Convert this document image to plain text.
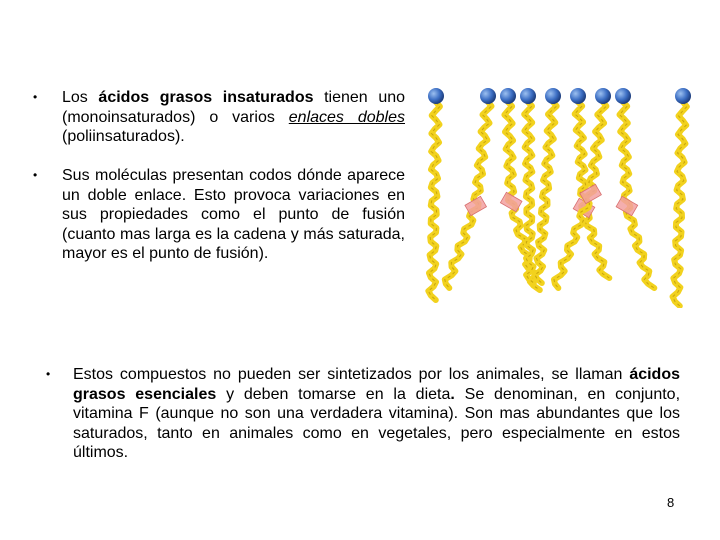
• Los ácidos grasos insaturados tienen uno (monoinsaturados) o varios enlaces dobles (poliinsaturados).
• Sus moléculas presentan codos dónde aparece un doble enlace. Esto provoca variaciones en sus propiedades como el punto de fusión (cuanto mas larga es la cadena y más saturada, mayor es el punto de fusión).
• Estos compuestos no pueden ser sintetizados por los animales, se llaman ácidos grasos esenciales y deben tomarse en la dieta. Se denominan, en conjunto, vitamina F (aunque no son una verdadera vitamina). Son mas abundantes que los saturados, tanto en animales como en vegetales, pero especialmente en estos últimos.
8
